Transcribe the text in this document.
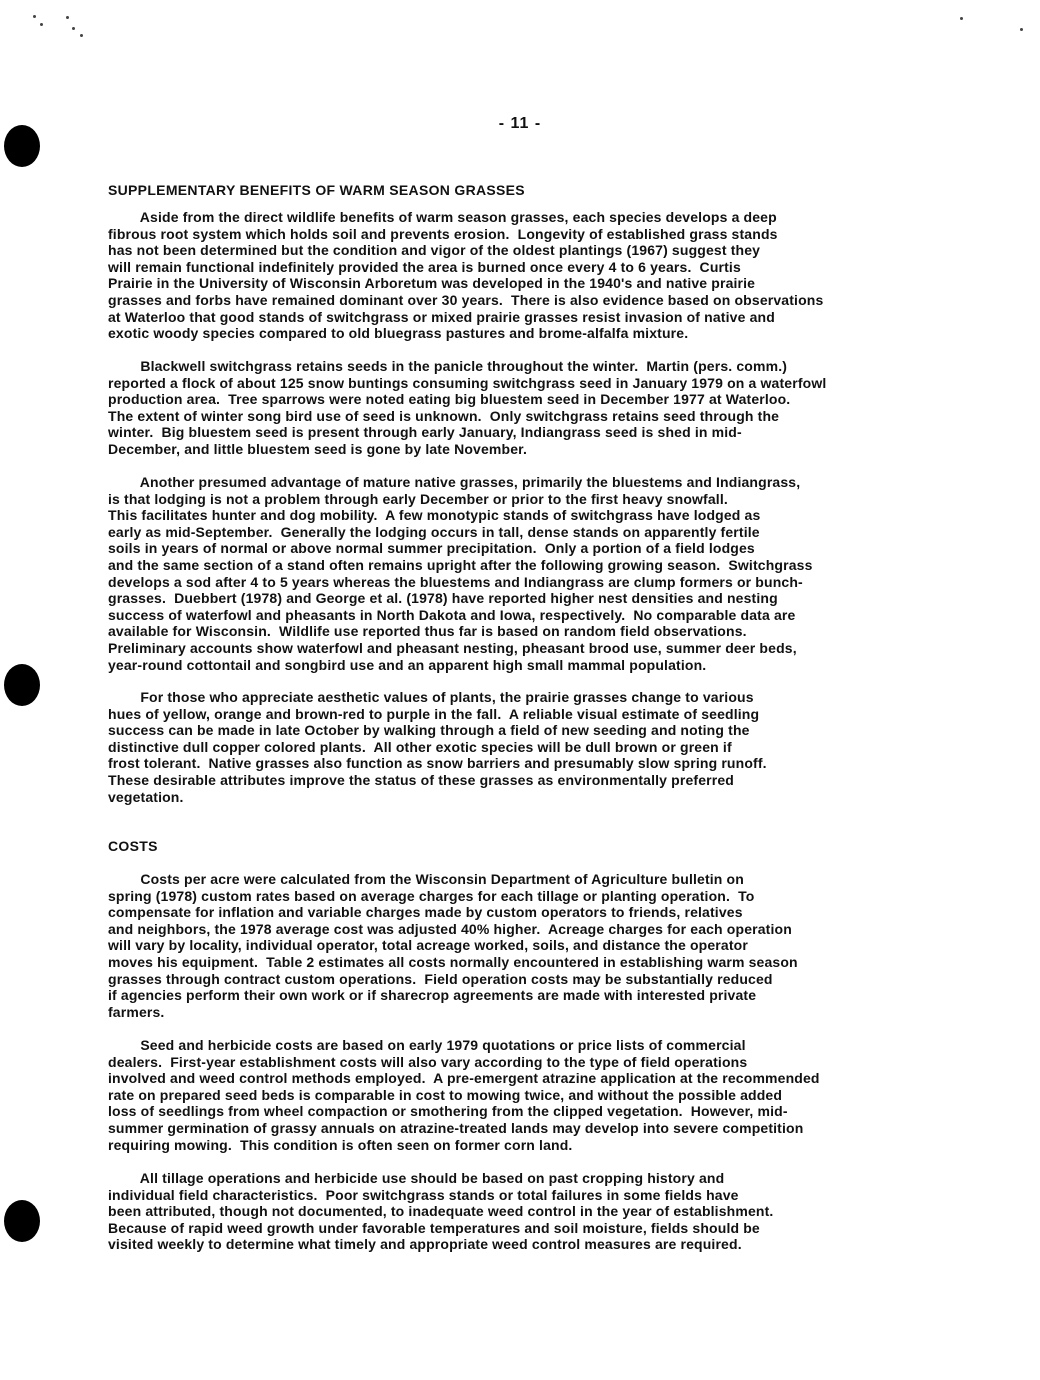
- 11 -
SUPPLEMENTARY BENEFITS OF WARM SEASON GRASSES

Aside from the direct wildlife benefits of warm season grasses, each species develops a deep
fibrous root system which holds soil and prevents erosion.  Longevity of established grass stands
has not been determined but the condition and vigor of the oldest plantings (1967) suggest they
will remain functional indefinitely provided the area is burned once every 4 to 6 years.  Curtis
Prairie in the University of Wisconsin Arboretum was developed in the 1940's and native prairie
grasses and forbs have remained dominant over 30 years.  There is also evidence based on observations
at Waterloo that good stands of switchgrass or mixed prairie grasses resist invasion of native and
exotic woody species compared to old bluegrass pastures and brome-alfalfa mixture.

Blackwell switchgrass retains seeds in the panicle throughout the winter.  Martin (pers. comm.)
reported a flock of about 125 snow buntings consuming switchgrass seed in January 1979 on a waterfowl
production area.  Tree sparrows were noted eating big bluestem seed in December 1977 at Waterloo.
The extent of winter song bird use of seed is unknown.  Only switchgrass retains seed through the
winter.  Big bluestem seed is present through early January, Indiangrass seed is shed in mid-
December, and little bluestem seed is gone by late November.

Another presumed advantage of mature native grasses, primarily the bluestems and Indiangrass,
is that lodging is not a problem through early December or prior to the first heavy snowfall.
This facilitates hunter and dog mobility.  A few monotypic stands of switchgrass have lodged as
early as mid-September.  Generally the lodging occurs in tall, dense stands on apparently fertile
soils in years of normal or above normal summer precipitation.  Only a portion of a field lodges
and the same section of a stand often remains upright after the following growing season.  Switchgrass
develops a sod after 4 to 5 years whereas the bluestems and Indiangrass are clump formers or bunch-
grasses.  Duebbert (1978) and George et al. (1978) have reported higher nest densities and nesting
success of waterfowl and pheasants in North Dakota and Iowa, respectively.  No comparable data are
available for Wisconsin.  Wildlife use reported thus far is based on random field observations.
Preliminary accounts show waterfowl and pheasant nesting, pheasant brood use, summer deer beds,
year-round cottontail and songbird use and an apparent high small mammal population.

For those who appreciate aesthetic values of plants, the prairie grasses change to various
hues of yellow, orange and brown-red to purple in the fall.  A reliable visual estimate of seedling
success can be made in late October by walking through a field of new seeding and noting the
distinctive dull copper colored plants.  All other exotic species will be dull brown or green if
frost tolerant.  Native grasses also function as snow barriers and presumably slow spring runoff.
These desirable attributes improve the status of these grasses as environmentally preferred
vegetation.

COSTS

Costs per acre were calculated from the Wisconsin Department of Agriculture bulletin on
spring (1978) custom rates based on average charges for each tillage or planting operation.  To
compensate for inflation and variable charges made by custom operators to friends, relatives
and neighbors, the 1978 average cost was adjusted 40% higher.  Acreage charges for each operation
will vary by locality, individual operator, total acreage worked, soils, and distance the operator
moves his equipment.  Table 2 estimates all costs normally encountered in establishing warm season
grasses through contract custom operations.  Field operation costs may be substantially reduced
if agencies perform their own work or if sharecrop agreements are made with interested private
farmers.

Seed and herbicide costs are based on early 1979 quotations or price lists of commercial
dealers.  First-year establishment costs will also vary according to the type of field operations
involved and weed control methods employed.  A pre-emergent atrazine application at the recommended
rate on prepared seed beds is comparable in cost to mowing twice, and without the possible added
loss of seedlings from wheel compaction or smothering from the clipped vegetation.  However, mid-
summer germination of grassy annuals on atrazine-treated lands may develop into severe competition
requiring mowing.  This condition is often seen on former corn land.

All tillage operations and herbicide use should be based on past cropping history and
individual field characteristics.  Poor switchgrass stands or total failures in some fields have
been attributed, though not documented, to inadequate weed control in the year of establishment.
Because of rapid weed growth under favorable temperatures and soil moisture, fields should be
visited weekly to determine what timely and appropriate weed control measures are required.
